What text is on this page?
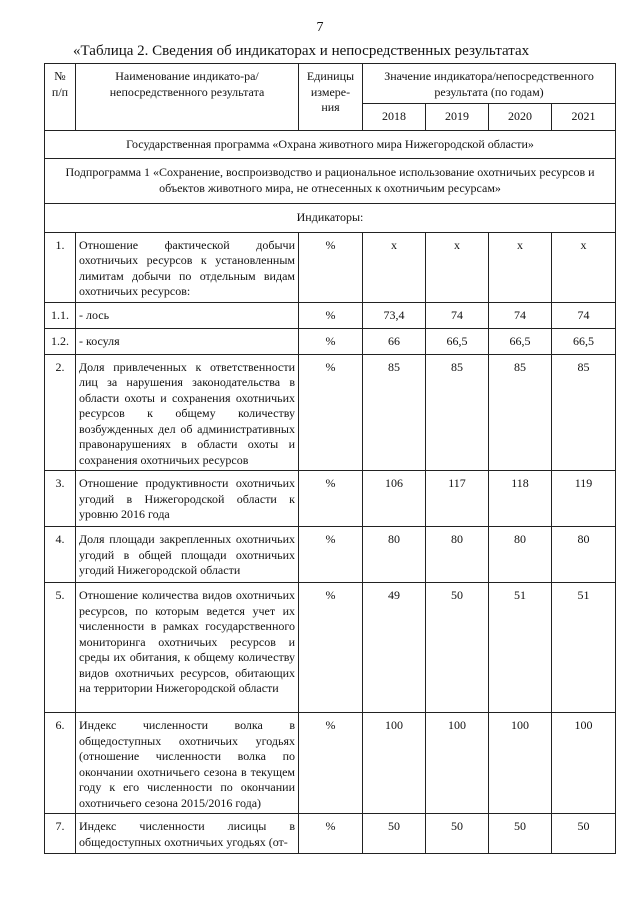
7
«Таблица 2. Сведения об индикаторах и непосредственных результатах
№ п/п	Наименование индикато-ра/непосредственного результата	Единицы измере-ния	Значение индикатора/непосредственного результата (по годам)			
			2018	2019	2020	2021
Государственная программа «Охрана животного мира Нижегородской области»						
Подпрограмма 1 «Сохранение, воспроизводство и рациональное использование охотничьих ресурсов и объектов животного мира, не отнесенных к охотничьим ресурсам»						
Индикаторы:						
1.	Отношение фактической добычи охотничьих ресурсов к установленным лимитам добычи по отдельным видам охотничьих ресурсов:	%	х	х	х	х
1.1.	- лось	%	73,4	74	74	74
1.2.	- косуля	%	66	66,5	66,5	66,5
2.	Доля привлеченных к ответственности лиц за нарушения законодательства в области охоты и сохранения охотничьих ресурсов к общему количеству возбужденных дел об административных правонарушениях в области охоты и сохранения охотничьих ресурсов	%	85	85	85	85
3.	Отношение продуктивности охотничьих угодий в Нижегородской области к уровню 2016 года	%	106	117	118	119
4.	Доля площади закрепленных охотничьих угодий в общей площади охотничьих угодий Нижегородской области	%	80	80	80	80
5.	Отношение количества видов охотничьих ресурсов, по которым ведется учет их численности в рамках государственного мониторинга охотничьих ресурсов и среды их обитания, к общему количеству видов охотничьих ресурсов, обитающих на территории Нижегородской области	%	49	50	51	51
6.	Индекс численности волка в общедоступных охотничьих угодьях (отношение численности волка по окончании охотничьего сезона в текущем году к его численности по окончании охотничьего сезона 2015/2016 года)	%	100	100	100	100
7.	Индекс численности лисицы в общедоступных охотничьих угодьях (от-	%	50	50	50	50
